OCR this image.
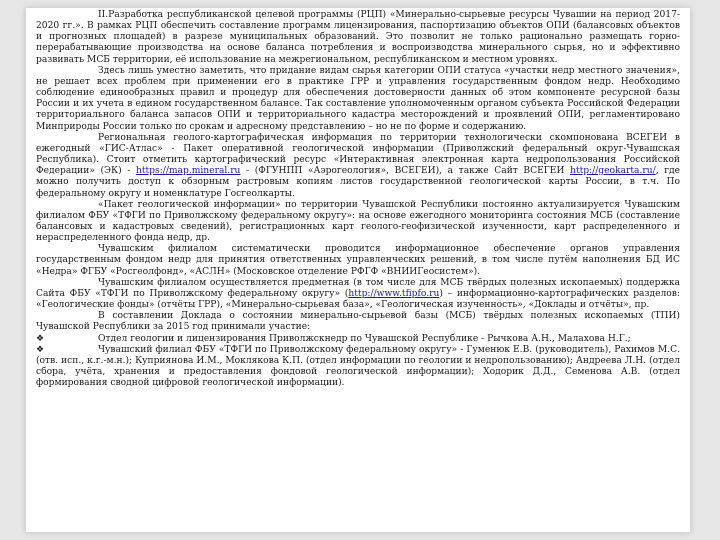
II.Разработка республиканской целевой программы (РЦП) «Минерально-сырьевые ресурсы Чувашии на период 2017-2020 гг.». В рамках РЦП обеспечить составление программ лицензирования, паспортизацию объектов ОПИ (балансовых объектов и прогнозных площадей) в разрезе муниципальных образований. Это позволит не только рационально размещать горно-перерабатывающие производства на основе баланса потребления и воспроизводства минерального сырья, но и эффективно развивать МСБ территории, её использование на межрегиональном, республиканском и местном уровнях.

Здесь лишь уместно заметить, что придание видам сырья категории ОПИ статуса «участки недр местного значения», не решает всех проблем при применении его в практике ГРР и управления государственным фондом недр. Необходимо соблюдение единообразных правил и процедур для обеспечения достоверности данных об этом компоненте ресурсной базы России и их учета в едином государственном балансе. Так составление уполномоченным органом субъекта Российской Федерации территориального баланса запасов ОПИ и территориального кадастра месторождений и проявлений ОПИ, регламентировано Минприроды России только по срокам и адресному представлению – но не по форме и содержанию.

Региональная геолого-картографическая информация по территории технологически скомпонована ВСЕГЕИ в ежегодный «ГИС-Атлас» - Пакет оперативной геологической информации (Приволжский федеральный округ-Чувашская Республика). Стоит отметить картографический ресурс «Интерактивная электронная карта недропользования Российской Федерации» (ЭК) - https://map.mineral.ru - (ФГУНПП «Аэрогеология», ВСЕГЕИ), а также Сайт ВСЕГЕИ http://geokarta.ru/, где можно получить доступ к обзорным растровым копиям листов государственной геологической карты России, в т.ч. По федеральному округу и номенклатуре Госгеолкарты.

«Пакет геологической информации» по территории Чувашской Республики постоянно актуализируется Чувашским филиалом ФБУ «ТФГИ по Приволжскому федеральному округу»: на основе ежегодного мониторинга состояния МСБ (составление балансовых и кадастровых сведений), регистрационных карт геолого-геофизической изученности, карт распределенного и нераспределенного фонда недр, др.

Чувашским филиалом систематически проводится информационное обеспечение органов управления государственным фондом недр для принятия ответственных управленческих решений, в том числе путём наполнения БД ИС «Недра» ФГБУ «Росгеолфонд», «АСЛН» (Московское отделение РФГФ «ВНИИГеосистем»).

Чувашским филиалом осуществляется предметная (в том числе для МСБ твёрдых полезных ископаемых) поддержка Сайта ФБУ «ТФГИ по Приволжскому федеральному округу» (http://www.tfipfo.ru) – информационно-картографических разделов: «Геологические фонды» (отчёты ГРР), «Минерально-сырьевая база», «Геологическая изученность», «Доклады и отчёты», пр.

В составлении Доклада о состоянии минерально-сырьевой базы (МСБ) твёрдых полезных ископаемых (ТПИ) Чувашской Республики за 2015 год принимали участие:

❖	Отдел геологии и лицензирования Приволжскнедр по Чувашской Республике - Рычкова А.Н., Малахова Н.Г.;

❖	Чувашский филиал ФБУ «ТФГИ по Приволжскому федеральному округу» - Гуменюк Е.В. (руководитель), Рахимов М.С. (отв. исп., к.г.-м.н.); Куприянова И.М., Моклякова К.П. (отдел информации по геологии и недропользованию); Андреева Л.Н. (отдел сбора, учёта, хранения и предоставления фондовой геологической информации); Ходорик Д.Д., Семенова А.В. (отдел формирования сводной цифровой геологической информации).
